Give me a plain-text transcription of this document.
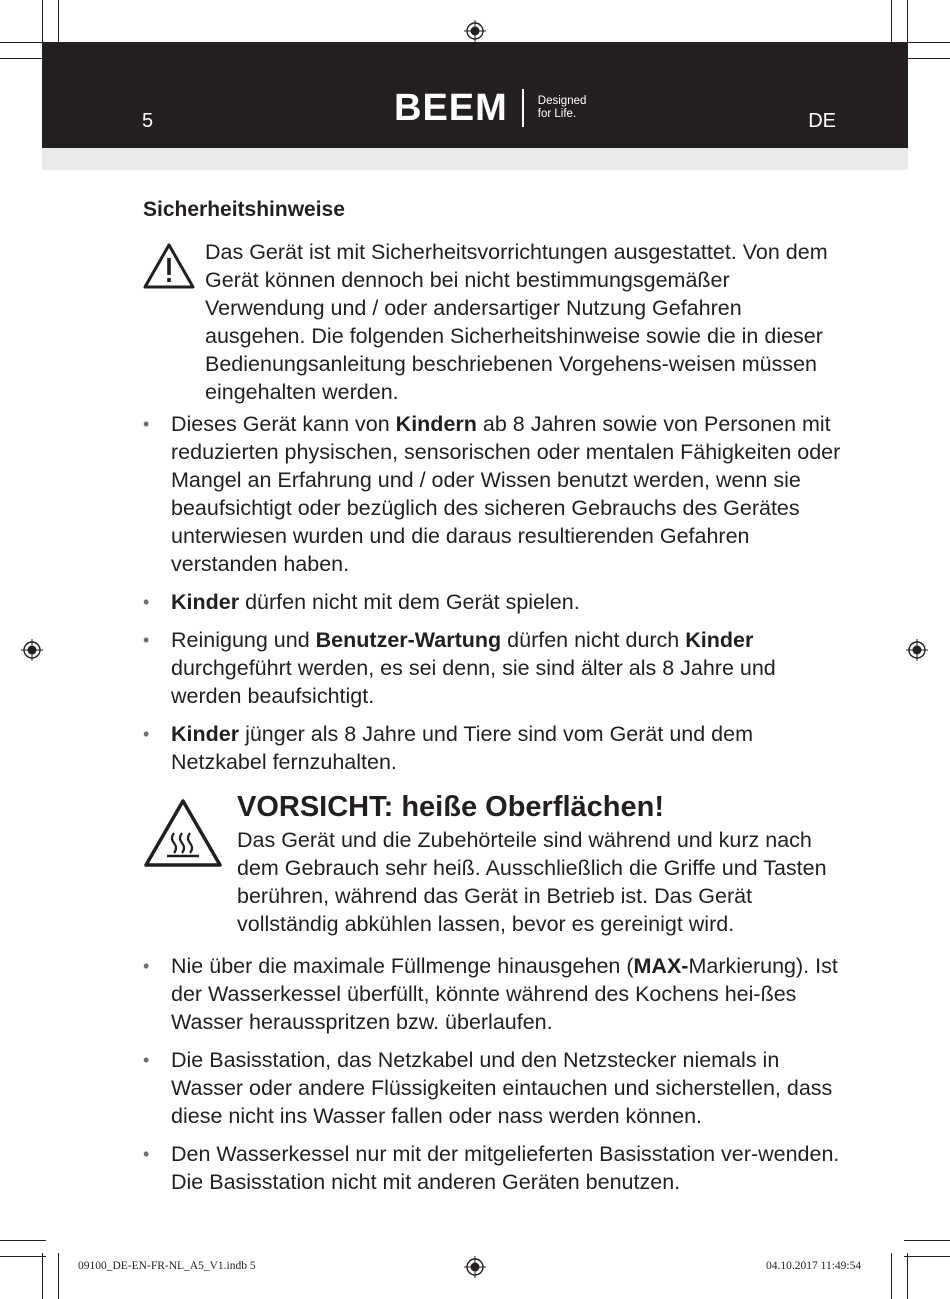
5	BEEM	Designed
for Life.	DE
Sicherheitshinweise
Das Gerät ist mit Sicherheitsvorrichtungen ausgestattet. Von dem Gerät können dennoch bei nicht bestimmungsgemäßer Verwendung und / oder andersartiger Nutzung Gefahren ausgehen. Die folgenden Sicherheitshinweise sowie die in dieser Bedienungsanleitung beschriebenen Vorgehens-weisen müssen eingehalten werden.
• Dieses Gerät kann von Kindern ab 8 Jahren sowie von Personen mit reduzierten physischen, sensorischen oder mentalen Fähigkeiten oder Mangel an Erfahrung und / oder Wissen benutzt werden, wenn sie beaufsichtigt oder bezüglich des sicheren Gebrauchs des Gerätes unterwiesen wurden und die daraus resultierenden Gefahren verstanden haben.
• Kinder dürfen nicht mit dem Gerät spielen.
• Reinigung und Benutzer-Wartung dürfen nicht durch Kinder durchgeführt werden, es sei denn, sie sind älter als 8 Jahre und werden beaufsichtigt.
• Kinder jünger als 8 Jahre und Tiere sind vom Gerät und dem Netzkabel fernzuhalten.
VORSICHT: heiße Oberflächen!
Das Gerät und die Zubehörteile sind während und kurz nach dem Gebrauch sehr heiß. Ausschließlich die Griffe und Tasten berühren, während das Gerät in Betrieb ist. Das Gerät vollständig abkühlen lassen, bevor es gereinigt wird.
• Nie über die maximale Füllmenge hinausgehen (MAX-Markierung). Ist der Wasserkessel überfüllt, könnte während des Kochens hei-ßes Wasser herausspritzen bzw. überlaufen.
• Die Basisstation, das Netzkabel und den Netzstecker niemals in Wasser oder andere Flüssigkeiten eintauchen und sicherstellen, dass diese nicht ins Wasser fallen oder nass werden können.
• Den Wasserkessel nur mit der mitgelieferten Basisstation ver-wenden. Die Basisstation nicht mit anderen Geräten benutzen.
09100_DE-EN-FR-NL_A5_V1.indb 5	04.10.2017 11:49:54
